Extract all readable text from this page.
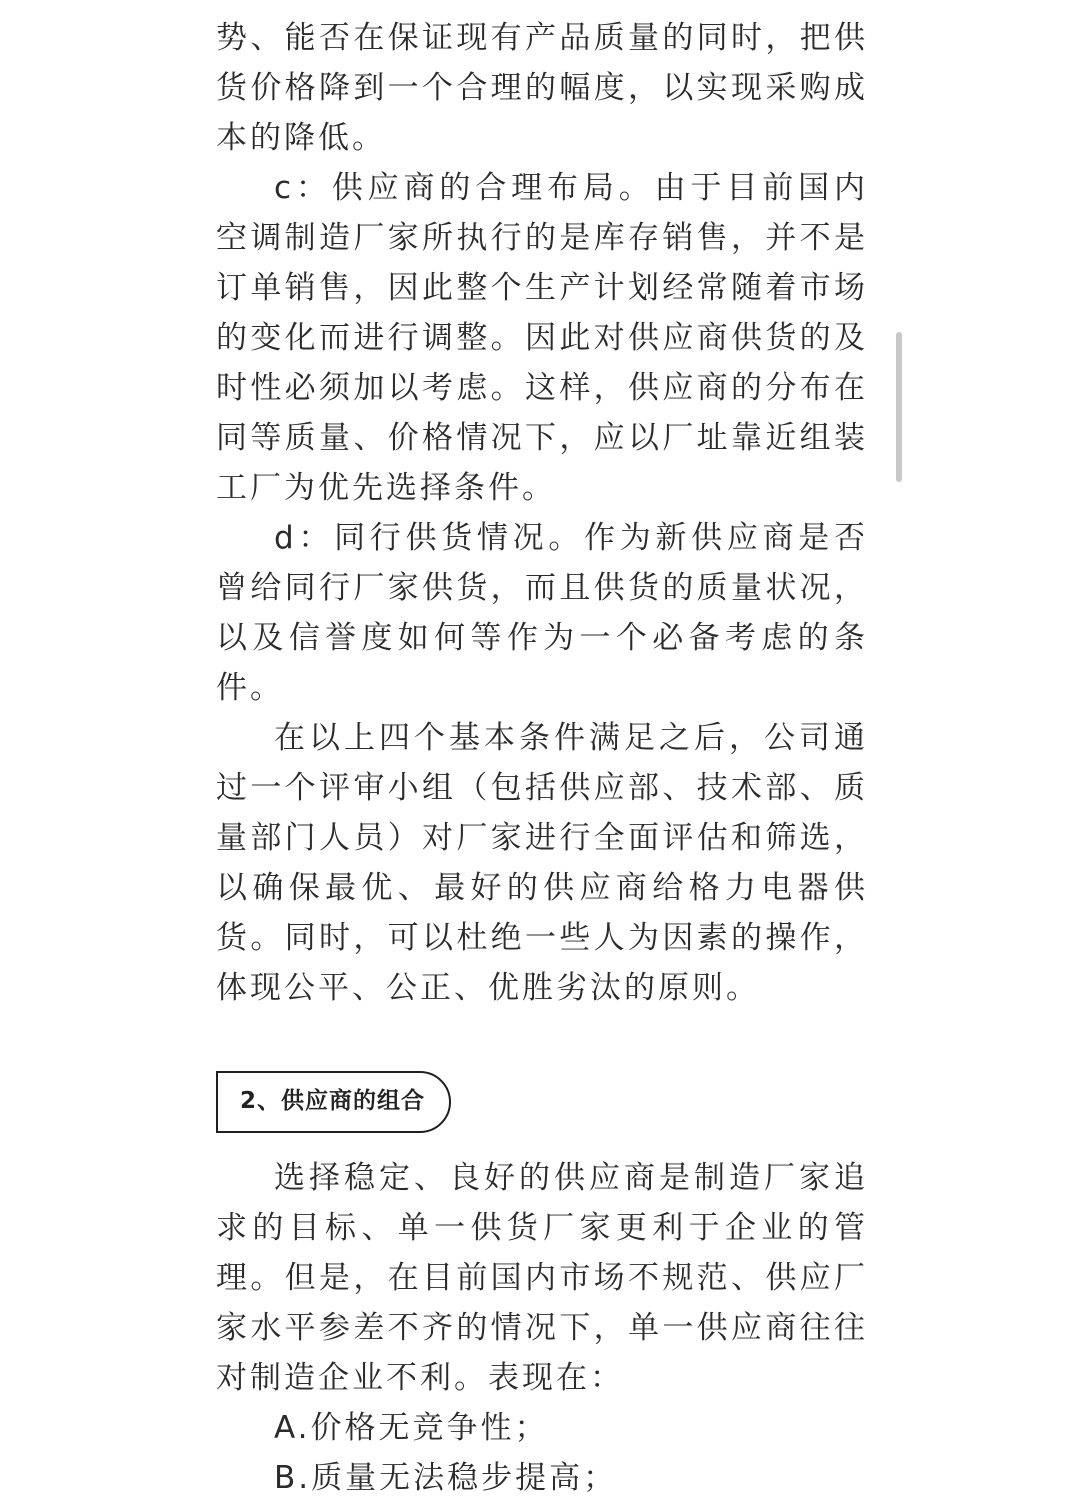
势、能否在保证现有产品质量的同时，把供货价格降到一个合理的幅度，以实现采购成本的降低。

c：供应商的合理布局。由于目前国内空调制造厂家所执行的是库存销售，并不是订单销售，因此整个生产计划经常随着市场的变化而进行调整。因此对供应商供货的及时性必须加以考虑。这样，供应商的分布在同等质量、价格情况下，应以厂址靠近组装工厂为优先选择条件。

d：同行供货情况。作为新供应商是否曾给同行厂家供货，而且供货的质量状况，以及信誉度如何等作为一个必备考虑的条件。

在以上四个基本条件满足之后，公司通过一个评审小组（包括供应部、技术部、质量部门人员）对厂家进行全面评估和筛选，以确保最优、最好的供应商给格力电器供货。同时，可以杜绝一些人为因素的操作，体现公平、公正、优胜劣汰的原则。

2、供应商的组合

选择稳定、良好的供应商是制造厂家追求的目标、单一供货厂家更利于企业的管理。但是，在目前国内市场不规范、供应厂家水平参差不齐的情况下，单一供应商往往对制造企业不利。表现在：

A.价格无竞争性；

B.质量无法稳步提高；
